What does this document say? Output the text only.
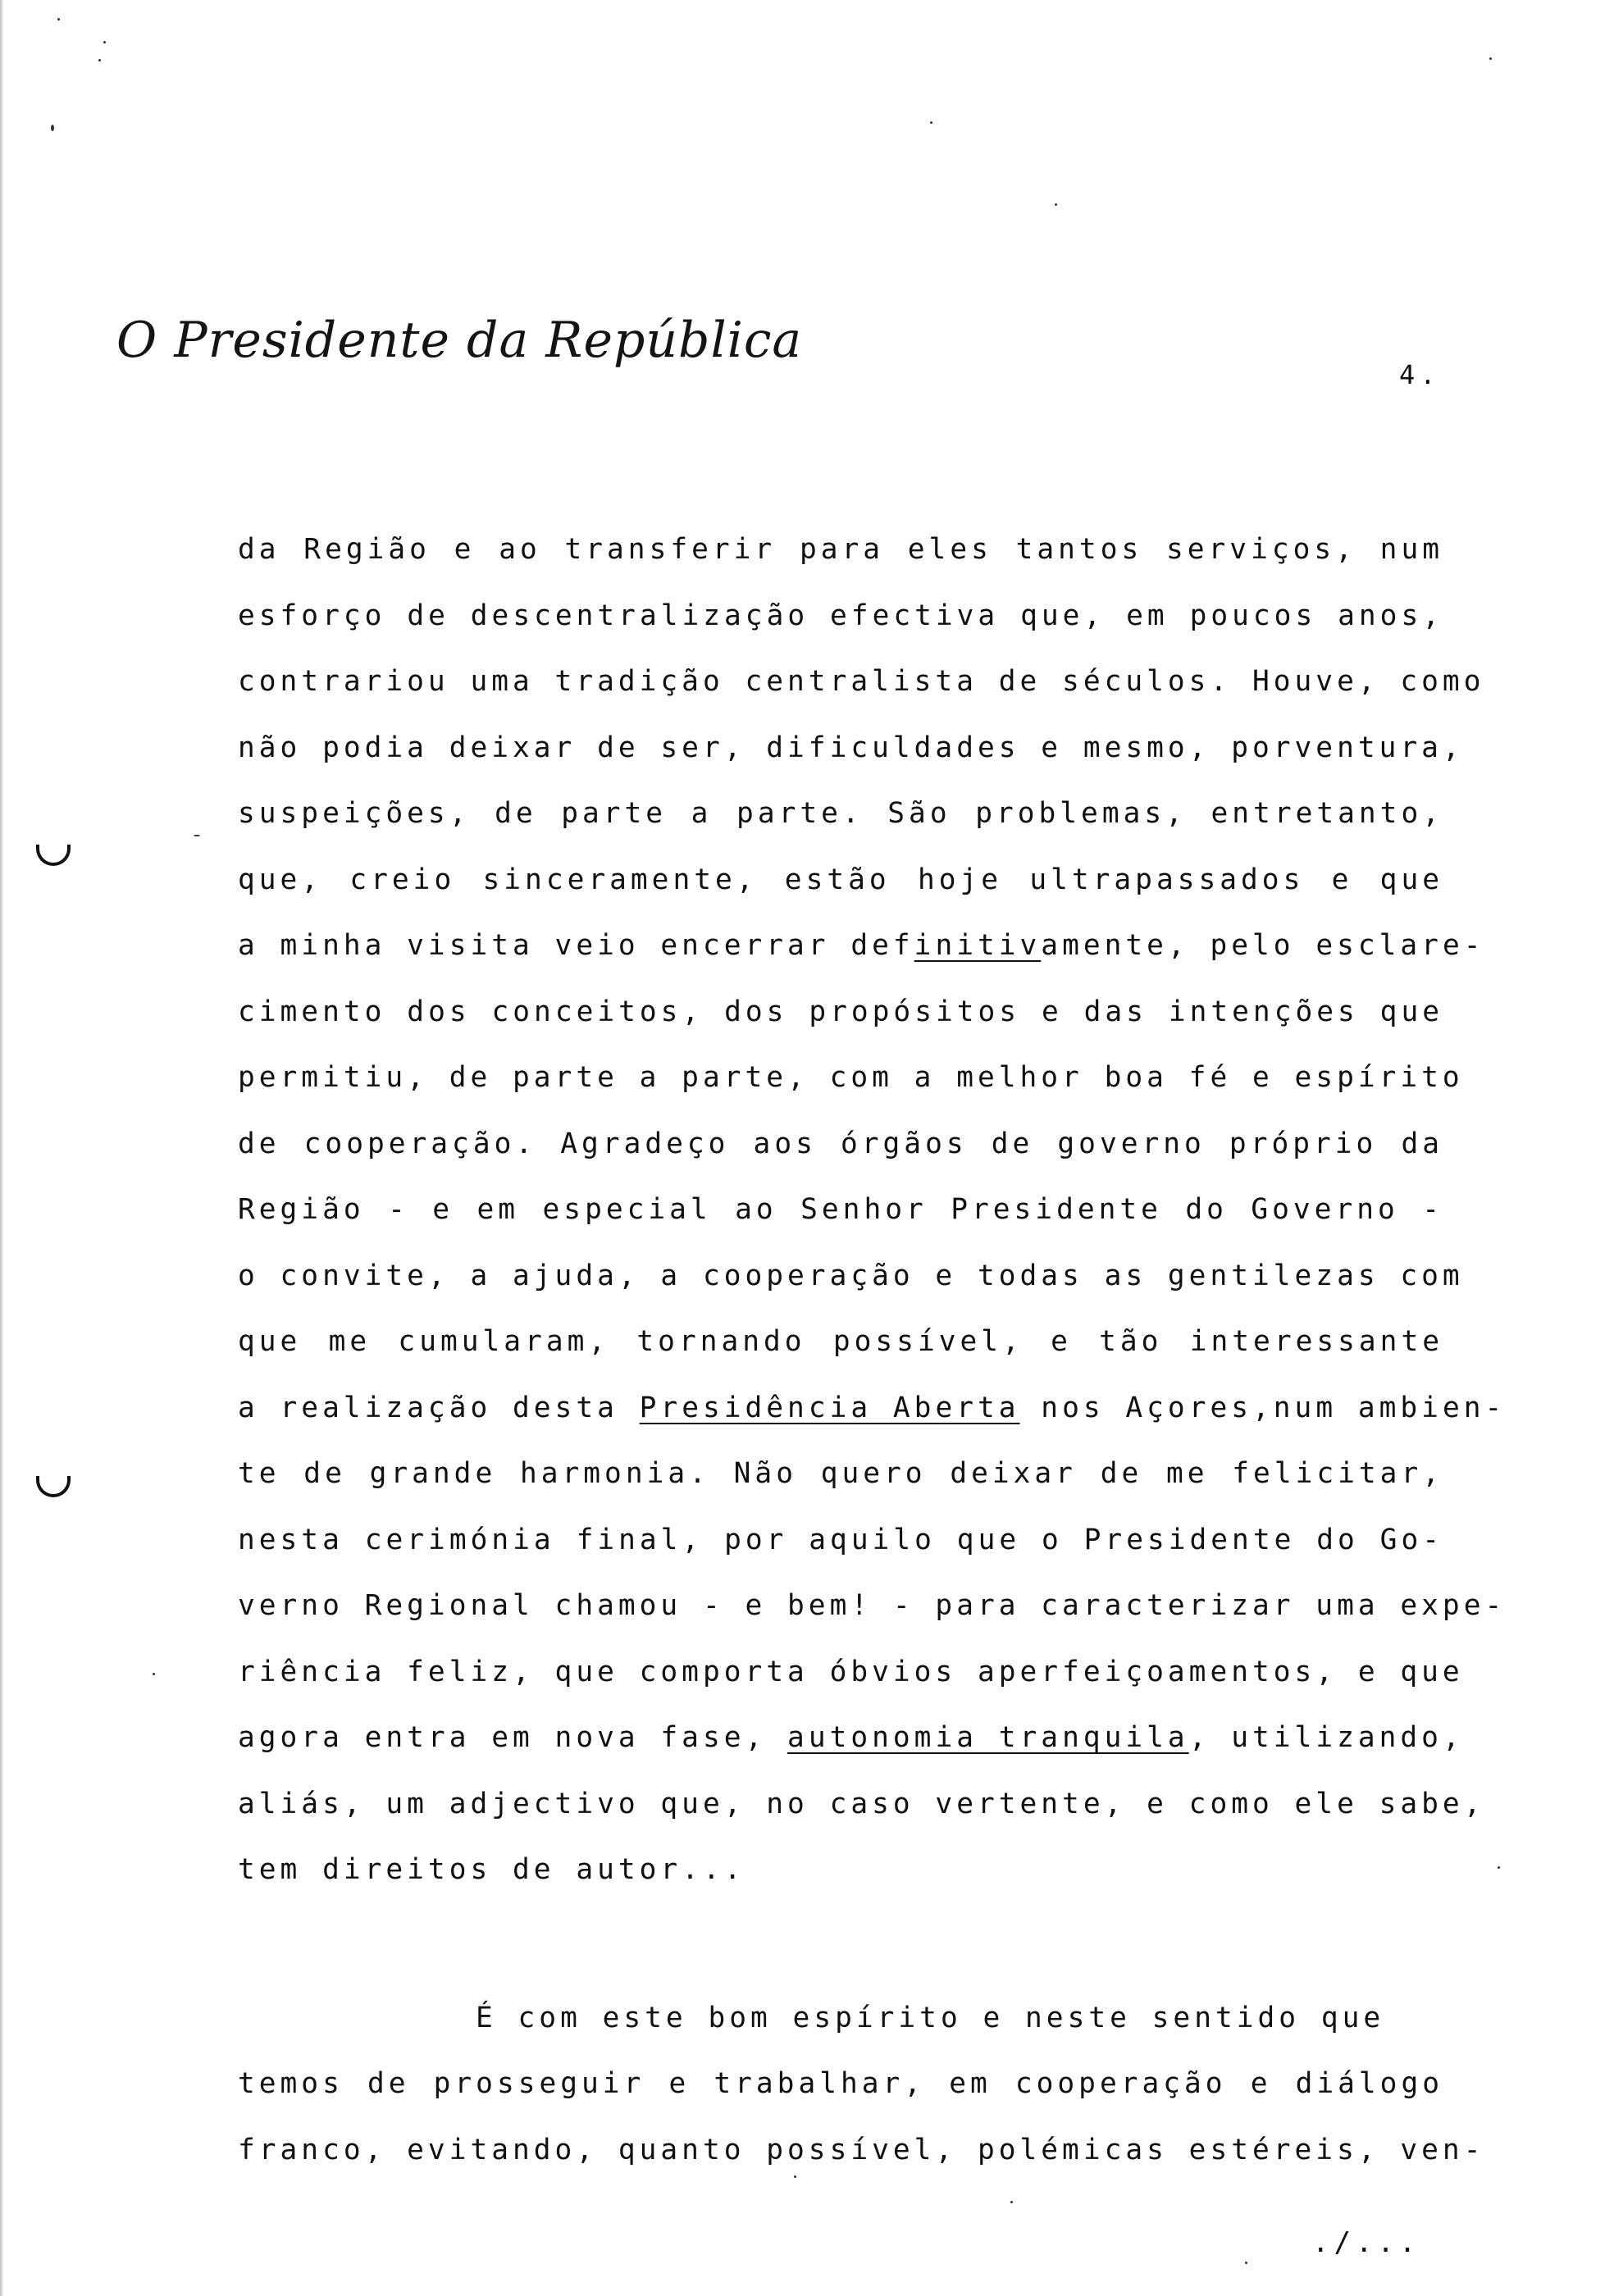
O Presidente da República
4.
da Região e ao transferir para eles tantos serviços, num
esforço de descentralização efectiva que, em poucos anos,
contrariou uma tradição centralista de séculos. Houve, como
não podia deixar de ser, dificuldades e mesmo, porventura,
suspeições, de parte a parte. São problemas, entretanto,
que, creio sinceramente, estão hoje ultrapassados e que
a minha visita veio encerrar definitivamente, pelo esclare-
cimento dos conceitos, dos propósitos e das intenções que
permitiu, de parte a parte, com a melhor boa fé e espírito
de cooperação. Agradeço aos órgãos de governo próprio da
Região - e em especial ao Senhor Presidente do Governo -
o convite, a ajuda, a cooperação e todas as gentilezas com
que me cumularam, tornando possível, e tão interessante
a realização desta Presidência Aberta nos Açores,num ambien-
te de grande harmonia. Não quero deixar de me felicitar,
nesta cerimónia final, por aquilo que o Presidente do Go-
verno Regional chamou - e bem! - para caracterizar uma expe-
riência feliz, que comporta óbvios aperfeiçoamentos, e que
agora entra em nova fase, autonomia tranquila, utilizando,
aliás, um adjectivo que, no caso vertente, e como ele sabe,
tem direitos de autor...
É com este bom espírito e neste sentido que
temos de prosseguir e trabalhar, em cooperação e diálogo
franco, evitando, quanto possível, polémicas estéreis, ven-
./...
